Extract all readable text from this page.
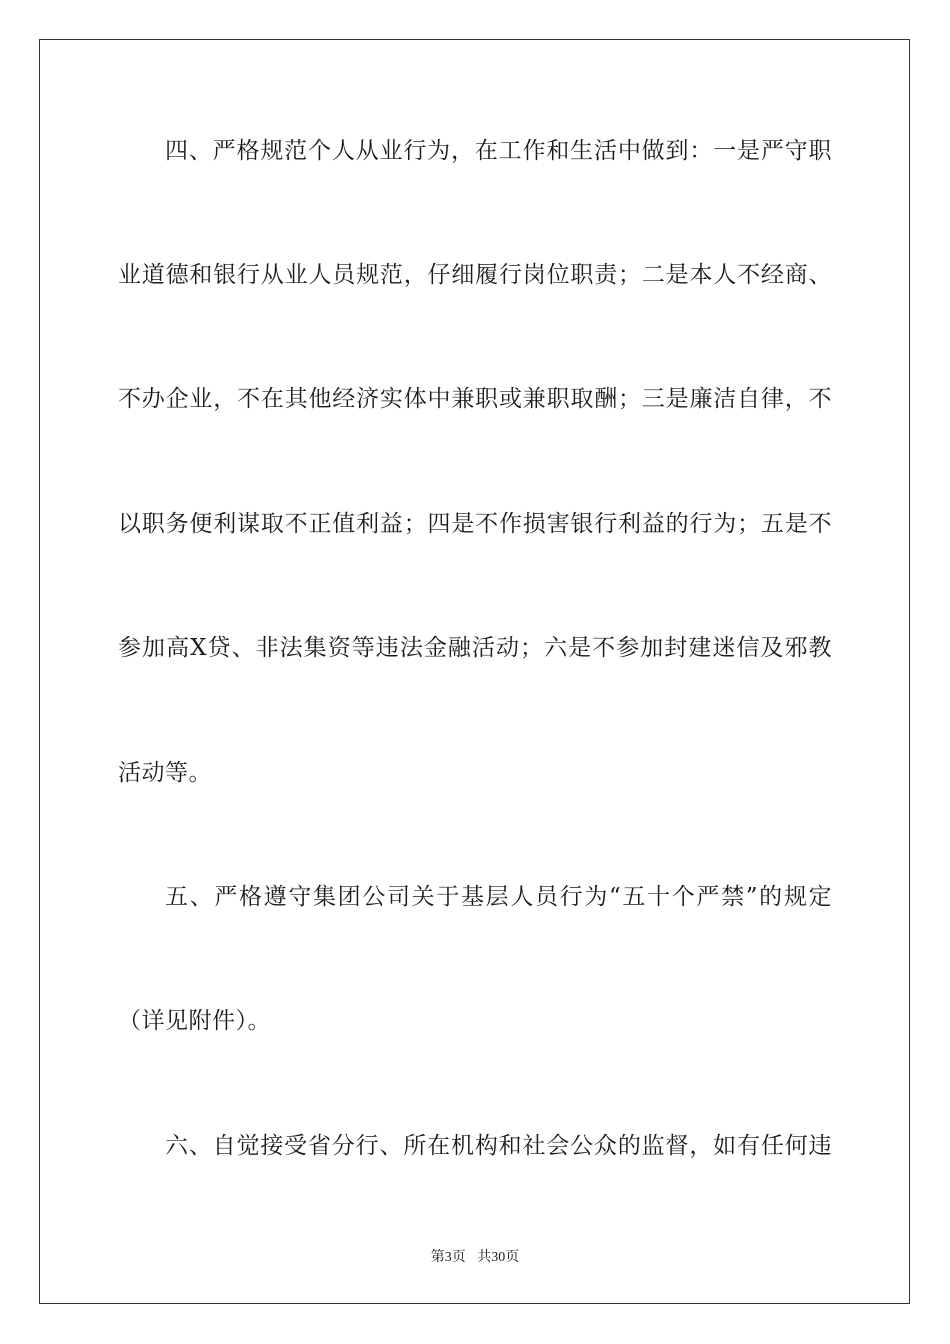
四、严格规范个人从业行为，在工作和生活中做到：一是严守职
业道德和银行从业人员规范，仔细履行岗位职责；二是本人不经商、
不办企业，不在其他经济实体中兼职或兼职取酬；三是廉洁自律，不
以职务便利谋取不正值利益；四是不作损害银行利益的行为；五是不
参加高X贷、非法集资等违法金融活动；六是不参加封建迷信及邪教
活动等。
五、严格遵守集团公司关于基层人员行为“五十个严禁”的规定
（详见附件）。
六、自觉接受省分行、所在机构和社会公众的监督，如有任何违
第3页 共30页
